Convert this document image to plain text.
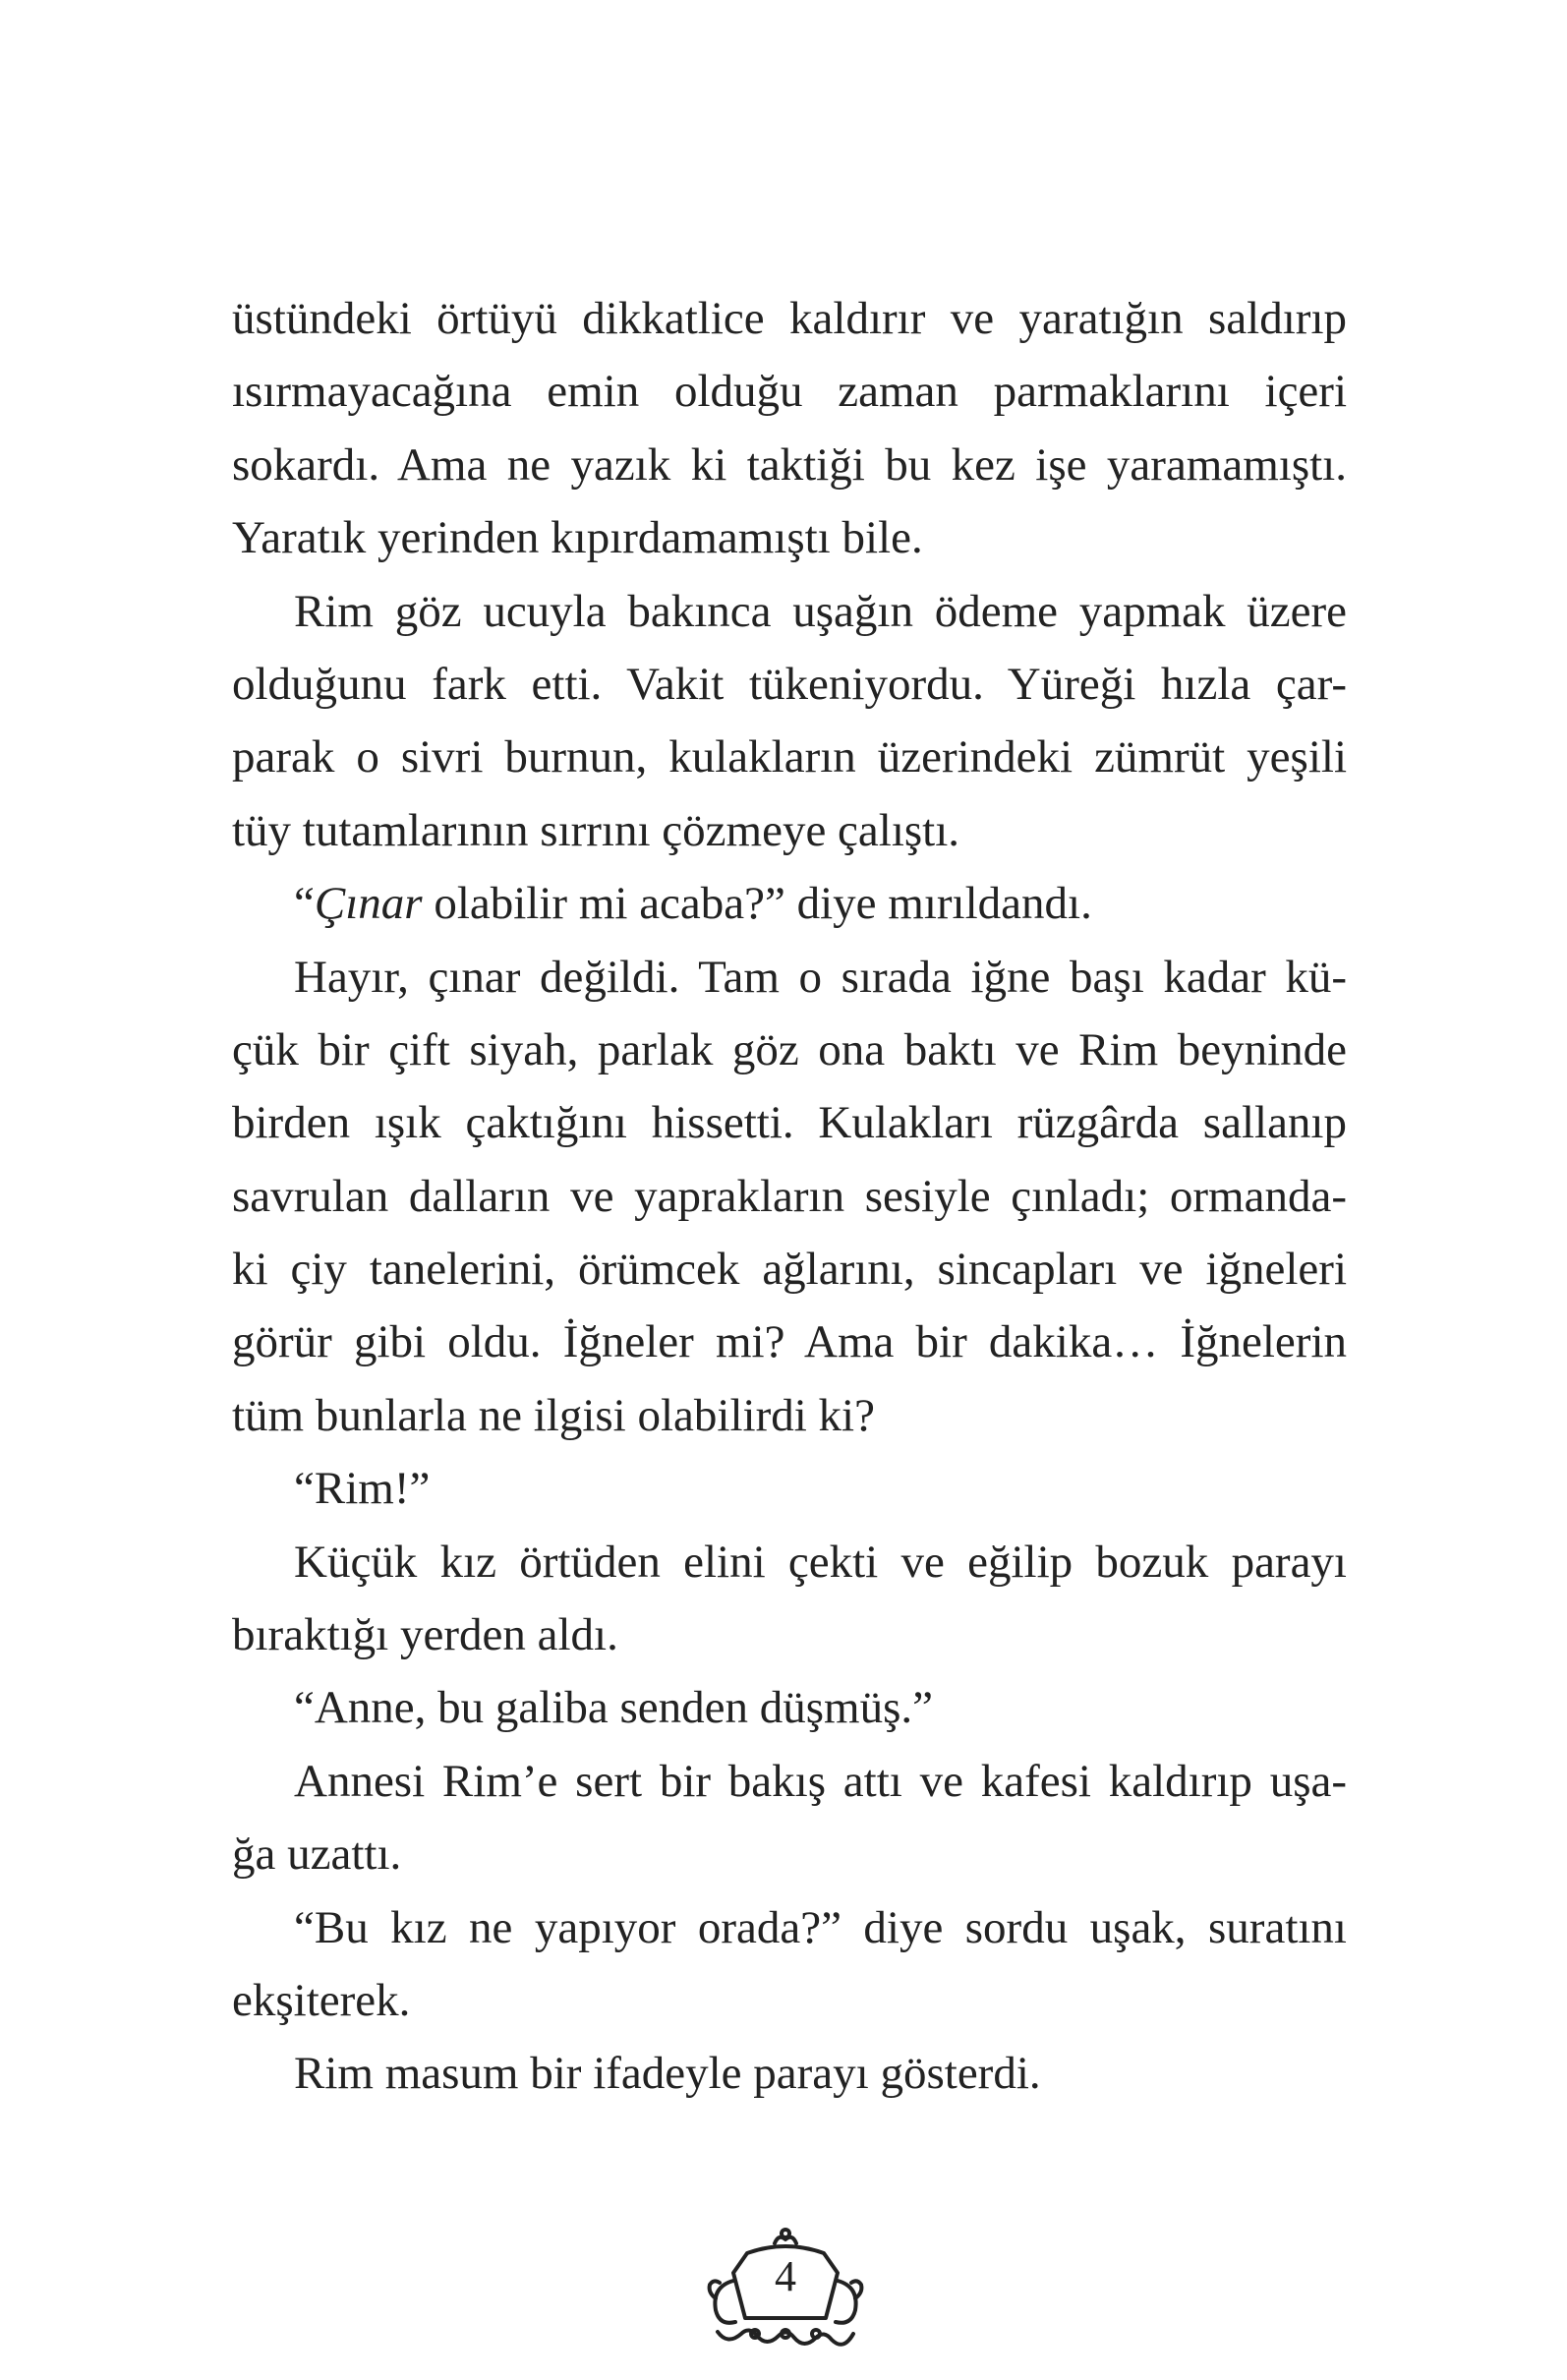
üstündeki örtüyü dikkatlice kaldırır ve yaratığın saldırıp
ısırmayacağına emin olduğu zaman parmaklarını içeri
sokardı. Ama ne yazık ki taktiği bu kez işe yaramamıştı.
Yaratık yerinden kıpırdamamıştı bile.
Rim göz ucuyla bakınca uşağın ödeme yapmak üzere
olduğunu fark etti. Vakit tükeniyordu. Yüreği hızla çar-
parak o sivri burnun, kulakların üzerindeki zümrüt yeşili
tüy tutamlarının sırrını çözmeye çalıştı.
“Çınar olabilir mi acaba?” diye mırıldandı.
Hayır, çınar değildi. Tam o sırada iğne başı kadar kü-
çük bir çift siyah, parlak göz ona baktı ve Rim beyninde
birden ışık çaktığını hissetti. Kulakları rüzgârda sallanıp
savrulan dalların ve yaprakların sesiyle çınladı; ormanda-
ki çiy tanelerini, örümcek ağlarını, sincapları ve iğneleri
görür gibi oldu. İğneler mi? Ama bir dakika… İğnelerin
tüm bunlarla ne ilgisi olabilirdi ki?
“Rim!”
Küçük kız örtüden elini çekti ve eğilip bozuk parayı
bıraktığı yerden aldı.
“Anne, bu galiba senden düşmüş.”
Annesi Rim’e sert bir bakış attı ve kafesi kaldırıp uşa-
ğa uzattı.
“Bu kız ne yapıyor orada?” diye sordu uşak, suratını
ekşiterek.
Rim masum bir ifadeyle parayı gösterdi.
4
